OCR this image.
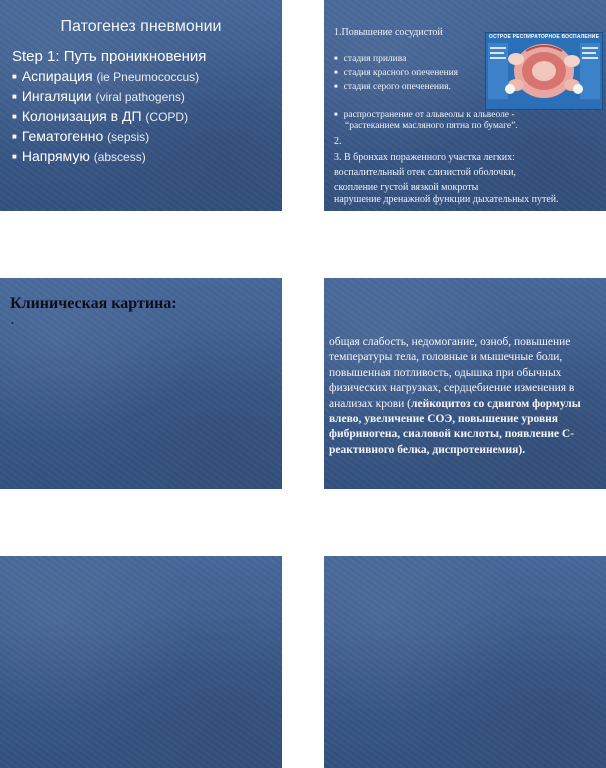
Патогенез пневмонии
Step 1: Путь проникновения
■ Аспирация (ie Pneumococcus)
■ Ингаляции (viral pathogens)
■ Колонизация в ДП (COPD)
■ Гематогенно (sepsis)
■ Напрямую (abscess)
1.Повышение сосудистой
■ стадия прилива
■ стадия красного опеченения
■ стадия серого опеченения.
■ распространение от альвеолы к альвеоле -
“растеканием масляного пятна по бумаге”.
2.
3. В бронхах пораженного участка легких:
воспалительный отек слизистой оболочки,
скопление густой вязкой мокроты
нарушение дренажной функции дыхательных путей.
ОСТРОЕ РЕСПИРАТОРНОЕ ВОСПАЛЕНИЕ
Клиническая картина:
.

общая слабость, недомогание, озноб, повышение температуры тела, головные и мышечные боли, повышенная потливость, одышка при обычных физических нагрузках, сердцебиение изменения в анализах крови (лейкоцитоз со сдвигом формулы влево, увеличение СОЭ, повышение уровня фибриногена, сиаловой кислоты, появление С-реактивного белка, диспротеинемия).
